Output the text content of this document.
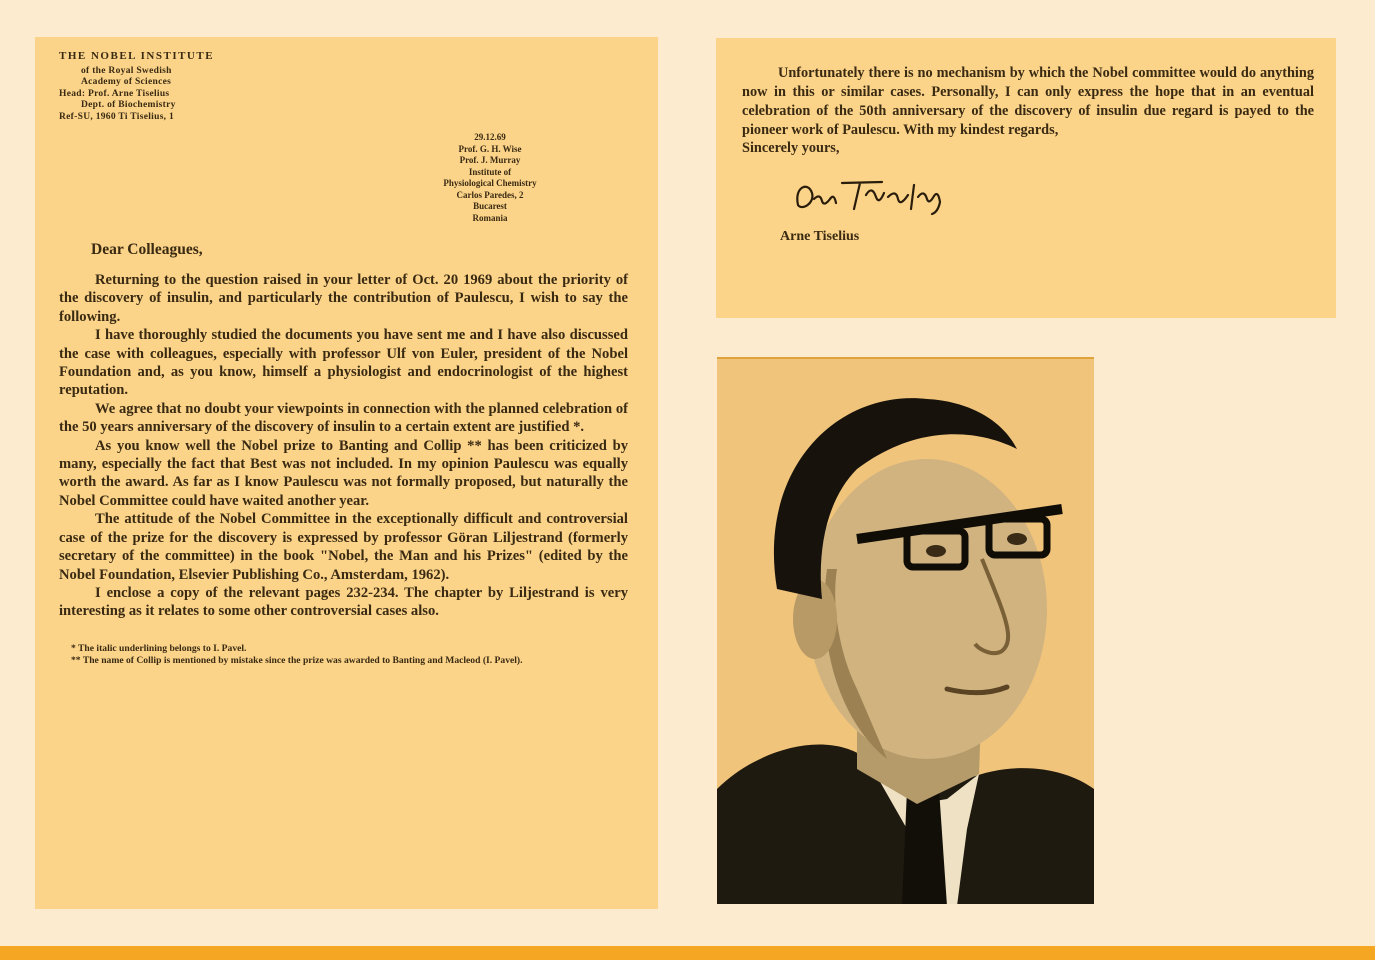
THE NOBEL INSTITUTE
of the Royal Swedish
Academy of Sciences
Head: Prof. Arne Tiselius
Dept. of Biochemistry
Ref-SU, 1960 Ti Tiselius, 1
29.12.69
Prof. G. H. Wise
Prof. J. Murray
Institute of
Physiological Chemistry
Carlos Paredes, 2
Bucarest
Romania
Dear Colleagues,

Returning to the question raised in your letter of Oct. 20 1969 about the priority of the discovery of insulin, and particularly the contribution of Paulescu, I wish to say the following.

I have thoroughly studied the documents you have sent me and I have also discussed the case with colleagues, especially with professor Ulf von Euler, president of the Nobel Foundation and, as you know, himself a physiologist and endocrinologist of the highest reputation.

We agree that no doubt your viewpoints in connection with the planned celebration of the 50 years anniversary of the discovery of insulin to a certain extent are justified *.

As you know well the Nobel prize to Banting and Collip ** has been criticized by many, especially the fact that Best was not included. In my opinion Paulescu was equally worth the award. As far as I know Paulescu was not formally proposed, but naturally the Nobel Committee could have waited another year.

The attitude of the Nobel Committee in the exceptionally difficult and controversial case of the prize for the discovery is expressed by professor Göran Liljestrand (formerly secretary of the committee) in the book "Nobel, the Man and his Prizes" (edited by the Nobel Foundation, Elsevier Publishing Co., Amsterdam, 1962).

I enclose a copy of the relevant pages 232-234. The chapter by Liljestrand is very interesting as it relates to some other controversial cases also.

* The italic underlining belongs to I. Pavel.
** The name of Collip is mentioned by mistake since the prize was awarded to Banting and Macleod (I. Pavel).

Unfortunately there is no mechanism by which the Nobel committee would do anything now in this or similar cases. Personally, I can only express the hope that in an eventual celebration of the 50th anniversary of the discovery of insulin due regard is payed to the pioneer work of Paulescu. With my kindest regards,

Sincerely yours,
Arne Tiselius
